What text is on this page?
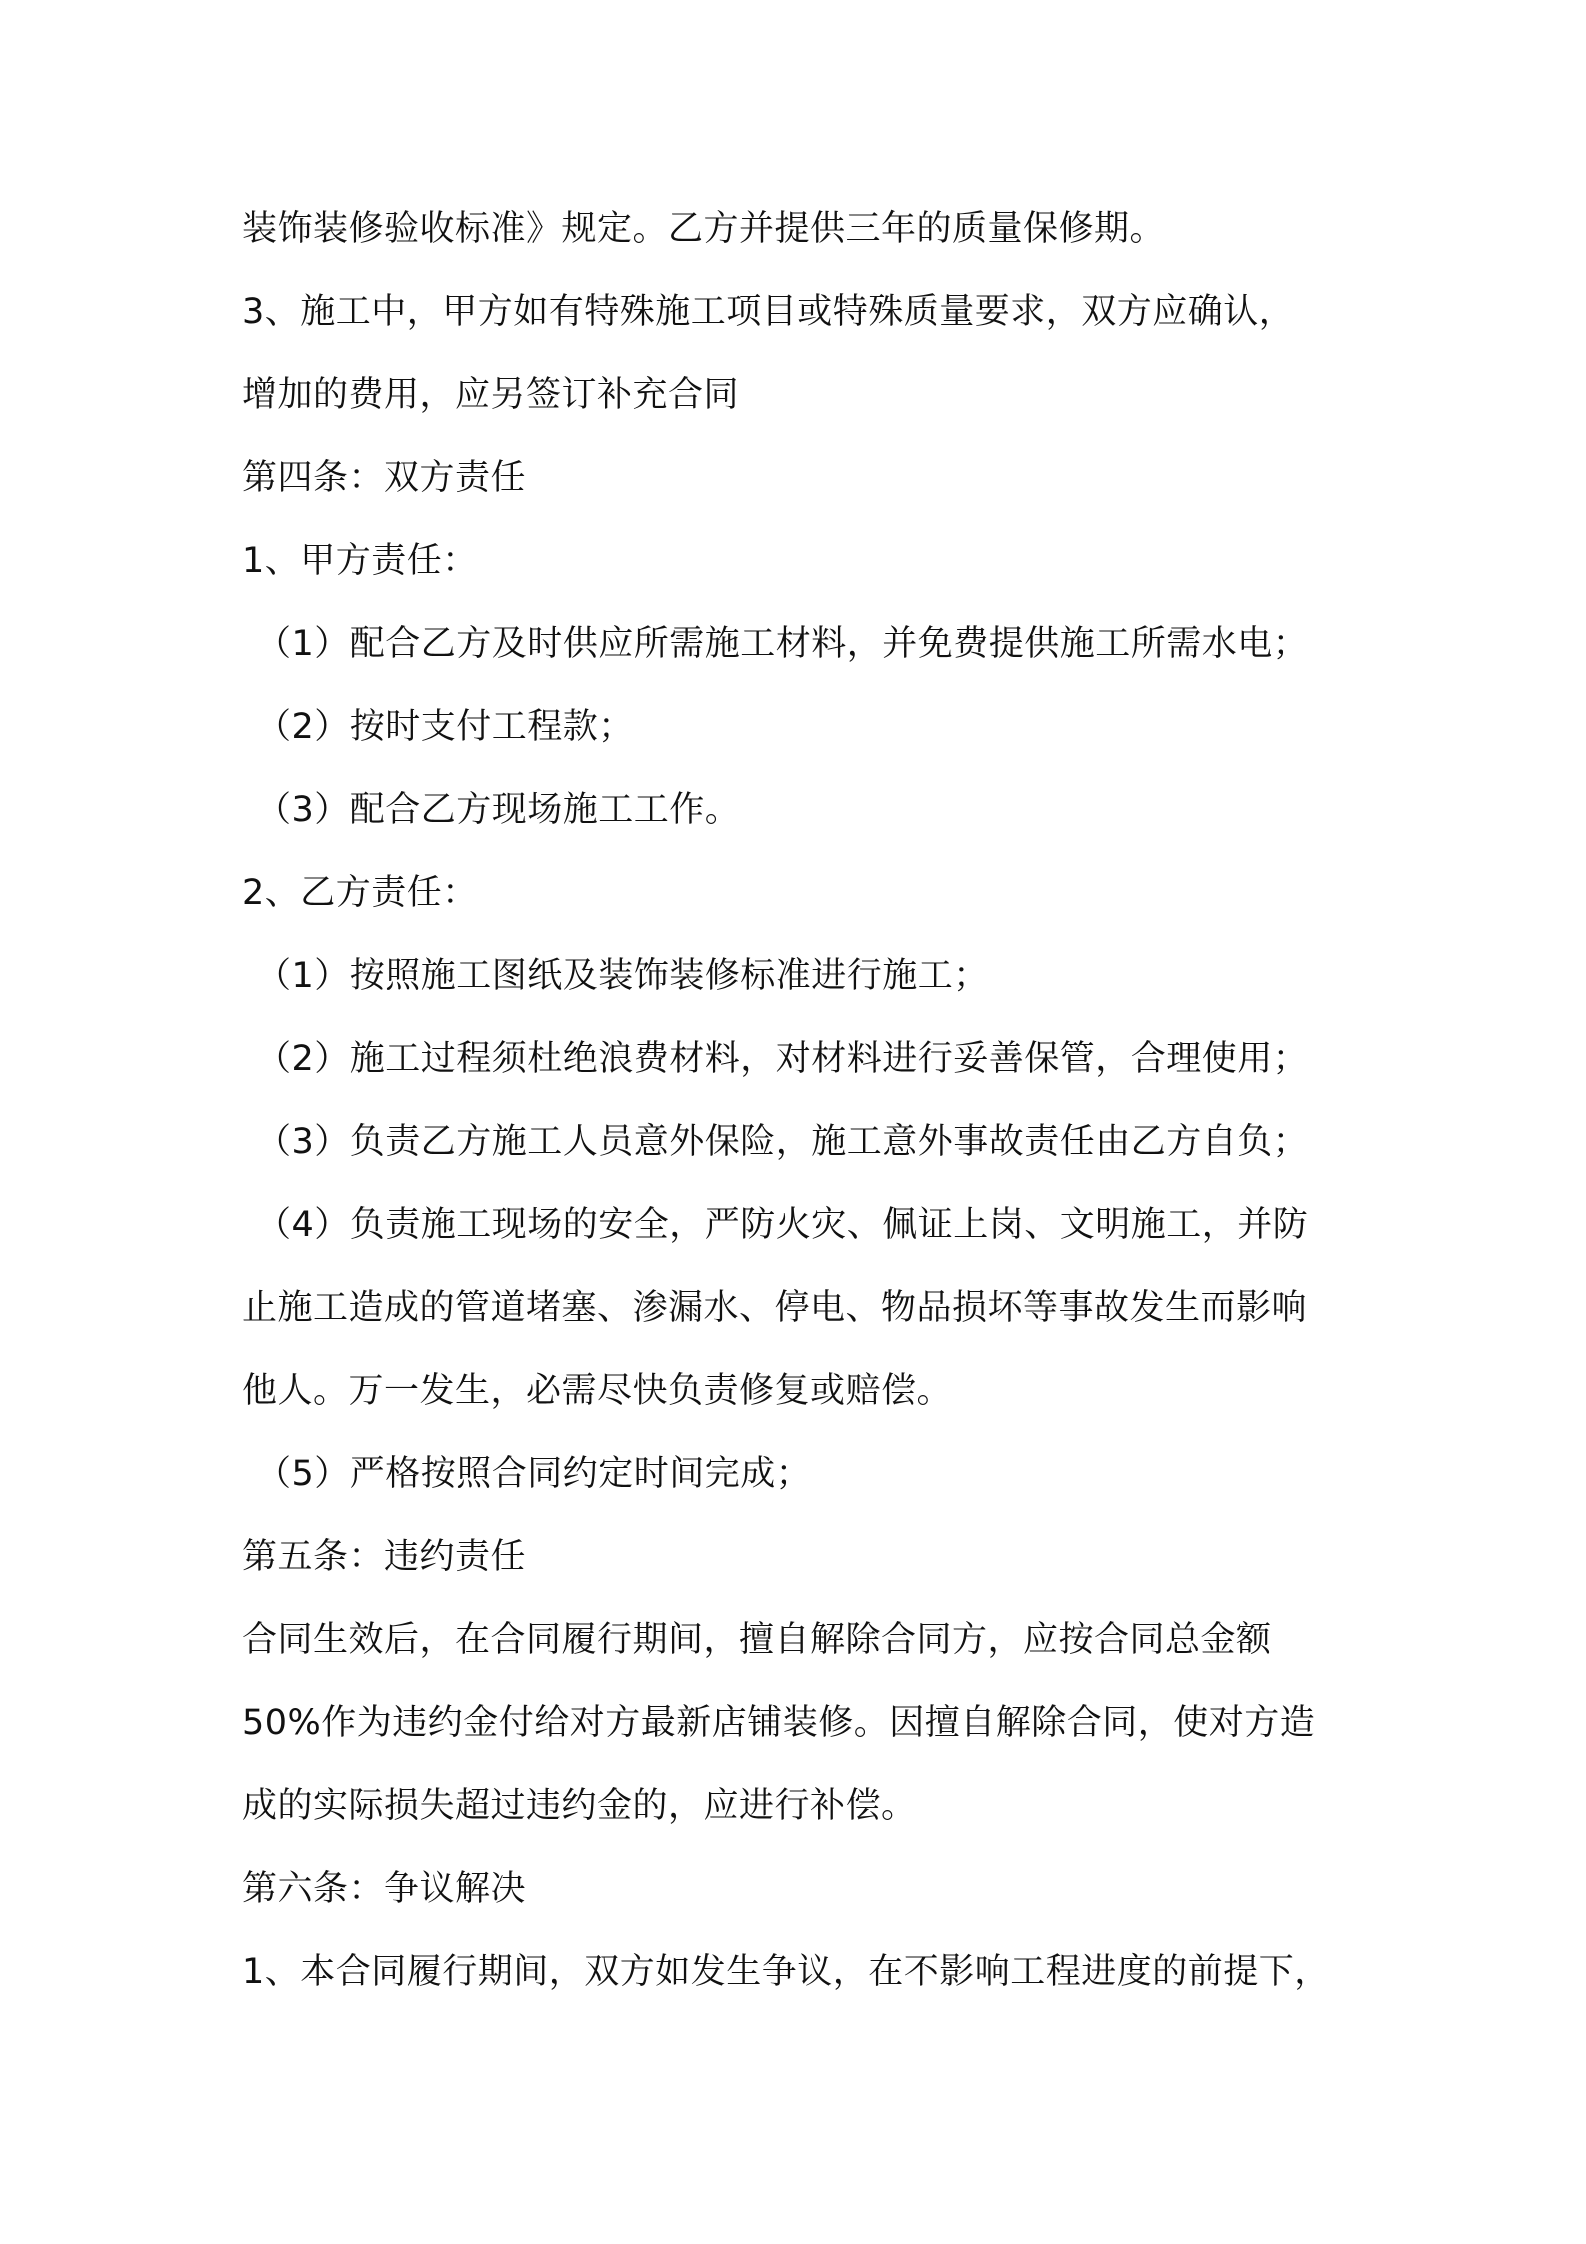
装饰装修验收标准》规定。乙方并提供三年的质量保修期。
3、施工中，甲方如有特殊施工项目或特殊质量要求，双方应确认，
增加的费用，应另签订补充合同
第四条：双方责任
1、甲方责任：
（1）配合乙方及时供应所需施工材料，并免费提供施工所需水电；
（2）按时支付工程款；
（3）配合乙方现场施工工作。
2、乙方责任：
（1）按照施工图纸及装饰装修标准进行施工；
（2）施工过程须杜绝浪费材料，对材料进行妥善保管，合理使用；
（3）负责乙方施工人员意外保险，施工意外事故责任由乙方自负；
（4）负责施工现场的安全，严防火灾、佩证上岗、文明施工，并防
止施工造成的管道堵塞、渗漏水、停电、物品损坏等事故发生而影响
他人。万一发生，必需尽快负责修复或赔偿。
（5）严格按照合同约定时间完成；
第五条：违约责任
合同生效后，在合同履行期间，擅自解除合同方，应按合同总金额
50%作为违约金付给对方最新店铺装修。因擅自解除合同，使对方造
成的实际损失超过违约金的，应进行补偿。
第六条：争议解决
1、本合同履行期间，双方如发生争议，在不影响工程进度的前提下，
